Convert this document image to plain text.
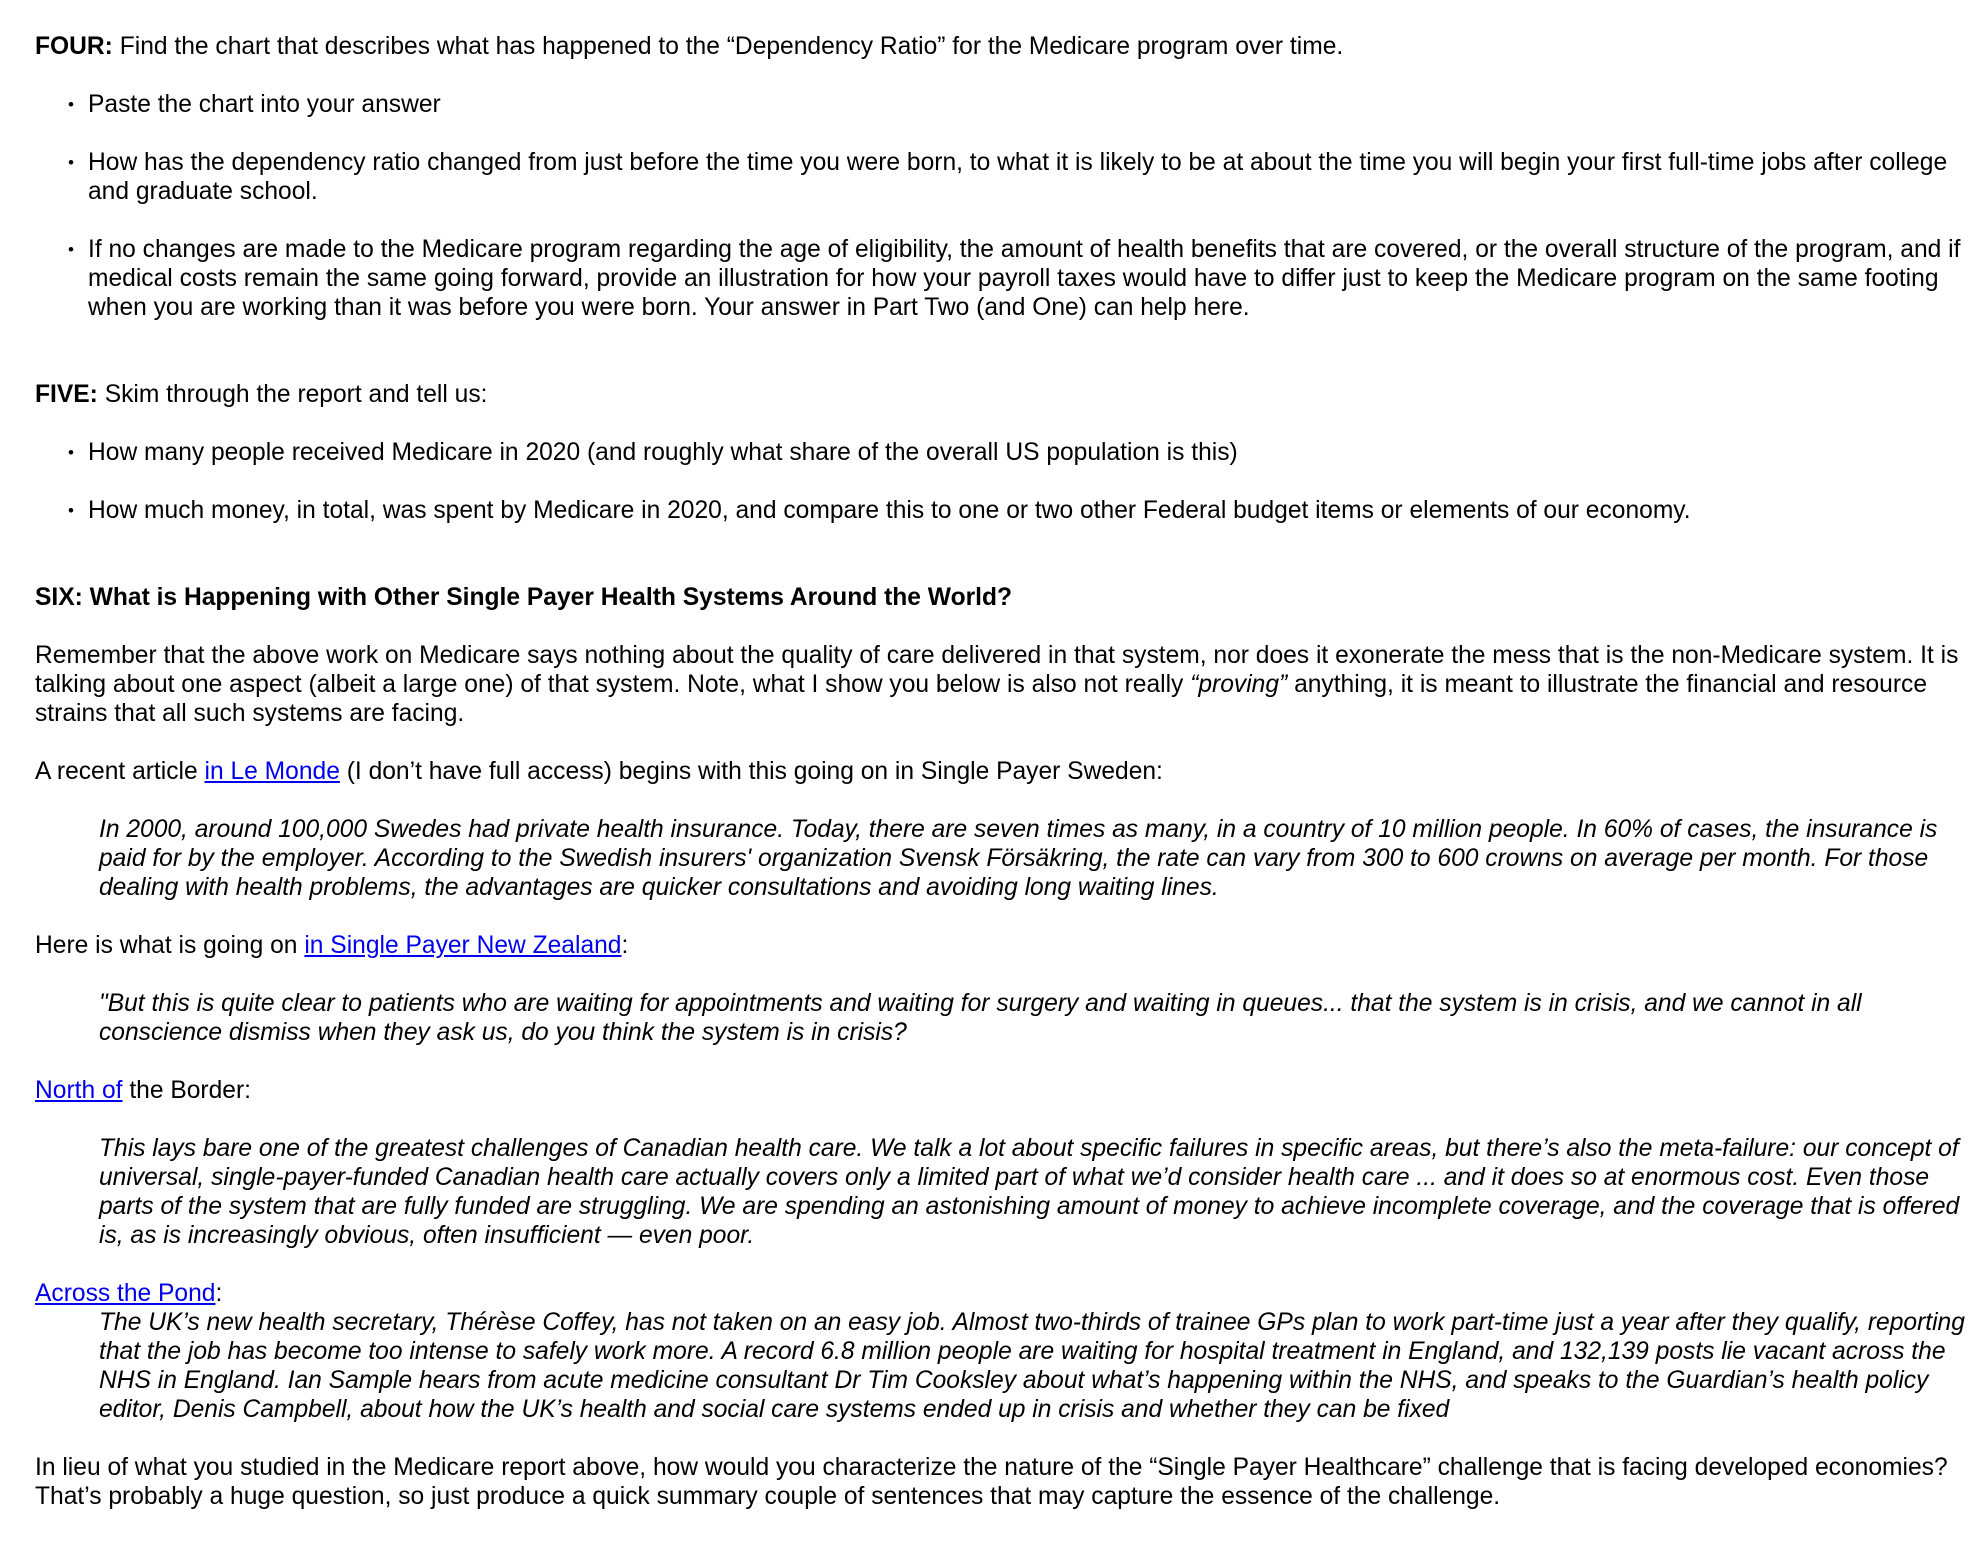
FOUR: Find the chart that describes what has happened to the “Dependency Ratio” for the Medicare program over time.

• Paste the chart into your answer
• How has the dependency ratio changed from just before the time you were born, to what it is likely to be at about the time you will begin your first full-time jobs after college and graduate school.
• If no changes are made to the Medicare program regarding the age of eligibility, the amount of health benefits that are covered, or the overall structure of the program, and if medical costs remain the same going forward, provide an illustration for how your payroll taxes would have to differ just to keep the Medicare program on the same footing when you are working than it was before you were born. Your answer in Part Two (and One) can help here.

FIVE: Skim through the report and tell us:

• How many people received Medicare in 2020 (and roughly what share of the overall US population is this)
• How much money, in total, was spent by Medicare in 2020, and compare this to one or two other Federal budget items or elements of our economy.

SIX: What is Happening with Other Single Payer Health Systems Around the World?

Remember that the above work on Medicare says nothing about the quality of care delivered in that system, nor does it exonerate the mess that is the non-Medicare system. It is talking about one aspect (albeit a large one) of that system. Note, what I show you below is also not really “proving” anything, it is meant to illustrate the financial and resource strains that all such systems are facing.

A recent article in Le Monde (I don’t have full access) begins with this going on in Single Payer Sweden:

In 2000, around 100,000 Swedes had private health insurance. Today, there are seven times as many, in a country of 10 million people. In 60% of cases, the insurance is paid for by the employer. According to the Swedish insurers' organization Svensk Försäkring, the rate can vary from 300 to 600 crowns on average per month. For those dealing with health problems, the advantages are quicker consultations and avoiding long waiting lines.

Here is what is going on in Single Payer New Zealand:

"But this is quite clear to patients who are waiting for appointments and waiting for surgery and waiting in queues... that the system is in crisis, and we cannot in all conscience dismiss when they ask us, do you think the system is in crisis?

North of the Border:

This lays bare one of the greatest challenges of Canadian health care. We talk a lot about specific failures in specific areas, but there’s also the meta-failure: our concept of universal, single-payer-funded Canadian health care actually covers only a limited part of what we’d consider health care ... and it does so at enormous cost. Even those parts of the system that are fully funded are struggling. We are spending an astonishing amount of money to achieve incomplete coverage, and the coverage that is offered is, as is increasingly obvious, often insufficient — even poor.

Across the Pond:

The UK’s new health secretary, Thérèse Coffey, has not taken on an easy job. Almost two-thirds of trainee GPs plan to work part-time just a year after they qualify, reporting that the job has become too intense to safely work more. A record 6.8 million people are waiting for hospital treatment in England, and 132,139 posts lie vacant across the NHS in England. Ian Sample hears from acute medicine consultant Dr Tim Cooksley about what’s happening within the NHS, and speaks to the Guardian’s health policy editor, Denis Campbell, about how the UK’s health and social care systems ended up in crisis and whether they can be fixed

In lieu of what you studied in the Medicare report above, how would you characterize the nature of the “Single Payer Healthcare” challenge that is facing developed economies? That’s probably a huge question, so just produce a quick summary couple of sentences that may capture the essence of the challenge.
